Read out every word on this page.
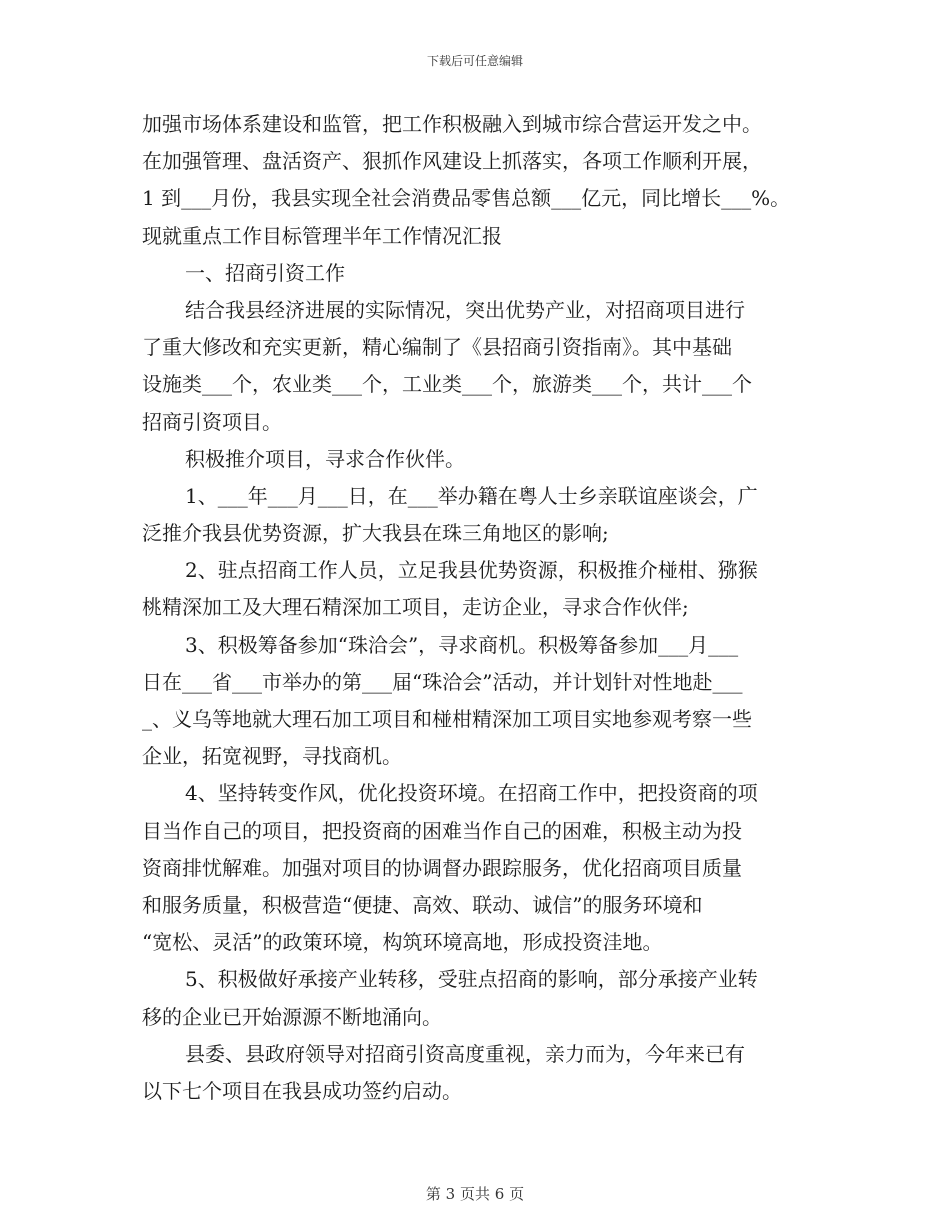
下载后可任意编辑
加强市场体系建设和监管，把工作积极融入到城市综合营运开发之中。
在加强管理、盘活资产、狠抓作风建设上抓落实，各项工作顺利开展，
1 到___月份，我县实现全社会消费品零售总额___亿元，同比增长___%。
现就重点工作目标管理半年工作情况汇报
一、招商引资工作
结合我县经济进展的实际情况，突出优势产业，对招商项目进行
了重大修改和充实更新，精心编制了《县招商引资指南》。其中基础
设施类___个，农业类___个，工业类___个，旅游类___个，共计___个
招商引资项目。
积极推介项目，寻求合作伙伴。
1、___年___月___日，在___举办籍在粤人士乡亲联谊座谈会，广
泛推介我县优势资源，扩大我县在珠三角地区的影响;
2、驻点招商工作人员，立足我县优势资源，积极推介椪柑、猕猴
桃精深加工及大理石精深加工项目，走访企业，寻求合作伙伴;
3、积极筹备参加“珠洽会”，寻求商机。积极筹备参加___月___
日在___省___市举办的第___届“珠洽会”活动，并计划针对性地赴___
_、义乌等地就大理石加工项目和椪柑精深加工项目实地参观考察一些
企业，拓宽视野，寻找商机。
4、坚持转变作风，优化投资环境。在招商工作中，把投资商的项
目当作自己的项目，把投资商的困难当作自己的困难，积极主动为投
资商排忧解难。加强对项目的协调督办跟踪服务，优化招商项目质量
和服务质量，积极营造“便捷、高效、联动、诚信”的服务环境和
“宽松、灵活”的政策环境，构筑环境高地，形成投资洼地。
5、积极做好承接产业转移，受驻点招商的影响，部分承接产业转
移的企业已开始源源不断地涌向。
县委、县政府领导对招商引资高度重视，亲力而为，今年来已有
以下七个项目在我县成功签约启动。
第 3 页共 6 页
